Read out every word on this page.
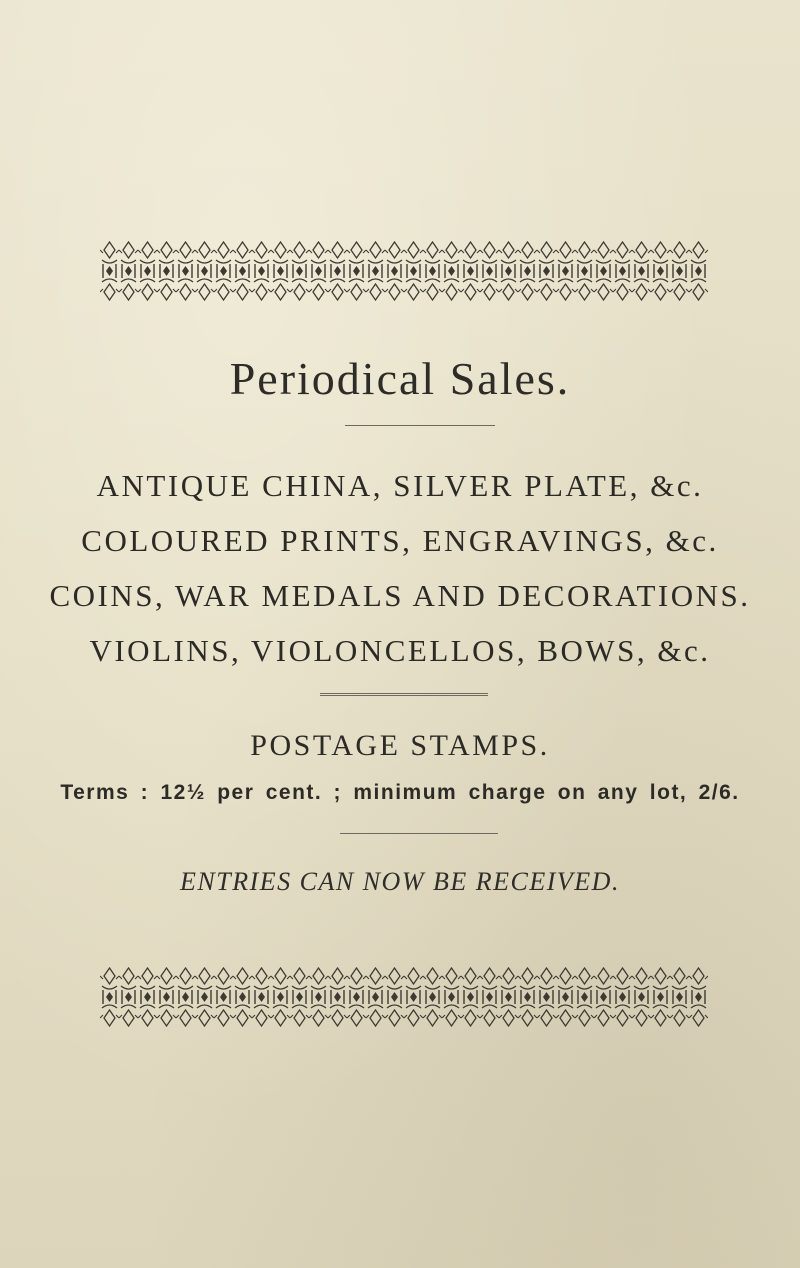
Periodical Sales.
ANTIQUE CHINA, SILVER PLATE, &c.
COLOURED PRINTS, ENGRAVINGS, &c.
COINS, WAR MEDALS AND DECORATIONS.
VIOLINS, VIOLONCELLOS, BOWS, &c.
POSTAGE STAMPS.
Terms : 12½ per cent. ; minimum charge on any lot, 2/6.
ENTRIES CAN NOW BE RECEIVED.
